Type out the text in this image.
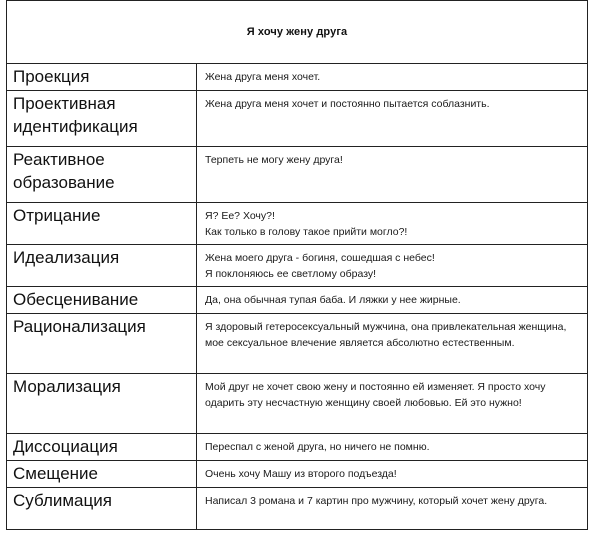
Я хочу жену друга	
Проекция	Жена друга меня хочет.

Проективная идентификация	Жена друга меня хочет и постоянно пытается соблазнить.

Реактивное образование	Терпеть не могу жену друга!

Отрицание	Я? Ее? Хочу?!
Как только в голову такое прийти могло?!

Идеализация	Жена моего друга - богиня, сошедшая с небес!
Я поклоняюсь ее светлому образу!

Обесценивание	Да, она обычная тупая баба. И ляжки у нее жирные.

Рационализация	Я здоровый гетеросексуальный мужчина, она привлекательная женщина, мое сексуальное влечение является абсолютно естественным.

Морализация	Мой друг не хочет свою жену и постоянно ей изменяет. Я просто хочу одарить эту несчастную женщину своей любовью. Ей это нужно!

Диссоциация	Переспал с женой друга, но ничего не помню.

Смещение	Очень хочу Машу из второго подъезда!

Сублимация	Написал 3 романа и 7 картин про мужчину, который хочет жену друга.
